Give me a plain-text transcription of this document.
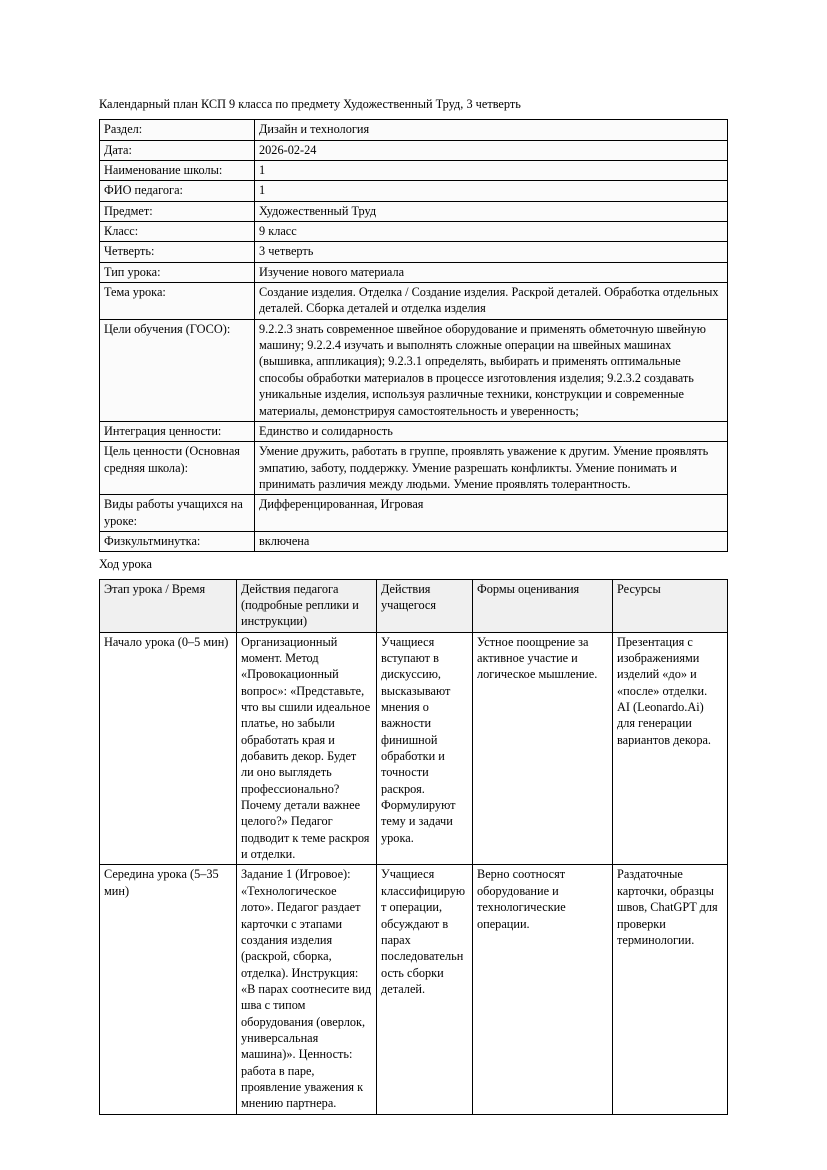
Календарный план КСП 9 класса по предмету Художественный Труд, 3 четверть
Раздел:	Дизайн и технология
Дата:	2026-02-24
Наименование школы:	1
ФИО педагога:	1
Предмет:	Художественный Труд
Класс:	9 класс
Четверть:	3 четверть
Тип урока:	Изучение нового материала
Тема урока:	Создание изделия. Отделка / Создание изделия. Раскрой деталей. Обработка отдельных деталей. Сборка деталей и отделка изделия
Цели обучения (ГОСО):	9.2.2.3 знать современное швейное оборудование и применять обметочную швейную машину; 9.2.2.4 изучать и выполнять сложные операции на швейных машинах (вышивка, аппликация); 9.2.3.1 определять, выбирать и применять оптимальные способы обработки материалов в процессе изготовления изделия; 9.2.3.2 создавать уникальные изделия, используя различные техники, конструкции и современные материалы, демонстрируя самостоятельность и уверенность;
Интеграция ценности:	Единство и солидарность
Цель ценности (Основная средняя школа):	Умение дружить, работать в группе, проявлять уважение к другим. Умение проявлять эмпатию, заботу, поддержку. Умение разрешать конфликты. Умение понимать и принимать различия между людьми. Умение проявлять толерантность.
Виды работы учащихся на уроке:	Дифференцированная, Игровая
Физкультминутка:	включена
Ход урока
Этап урока / Время	Действия педагога (подробные реплики и инструкции)	Действия учащегося	Формы оценивания	Ресурсы
Начало урока (0–5 мин)	Организационный момент. Метод «Провокационный вопрос»: «Представьте, что вы сшили идеальное платье, но забыли обработать края и добавить декор. Будет ли оно выглядеть профессионально? Почему детали важнее целого?» Педагог подводит к теме раскроя и отделки.	Учащиеся вступают в дискуссию, высказывают мнения о важности финишной обработки и точности раскроя. Формулируют тему и задачи урока.	Устное поощрение за активное участие и логическое мышление.	Презентация с изображениями изделий «до» и «после» отделки. AI (Leonardo.Ai) для генерации вариантов декора.
Середина урока (5–35 мин)	Задание 1 (Игровое): «Технологическое лото». Педагог раздает карточки с этапами создания изделия (раскрой, сборка, отделка). Инструкция: «В парах соотнесите вид шва с типом оборудования (оверлок, универсальная машина)». Ценность: работа в паре, проявление уважения к мнению партнера.	Учащиеся классифицируют операции, обсуждают в парах последовательность сборки деталей.	Верно соотносят оборудование и технологические операции.	Раздаточные карточки, образцы швов, ChatGPT для проверки терминологии.
